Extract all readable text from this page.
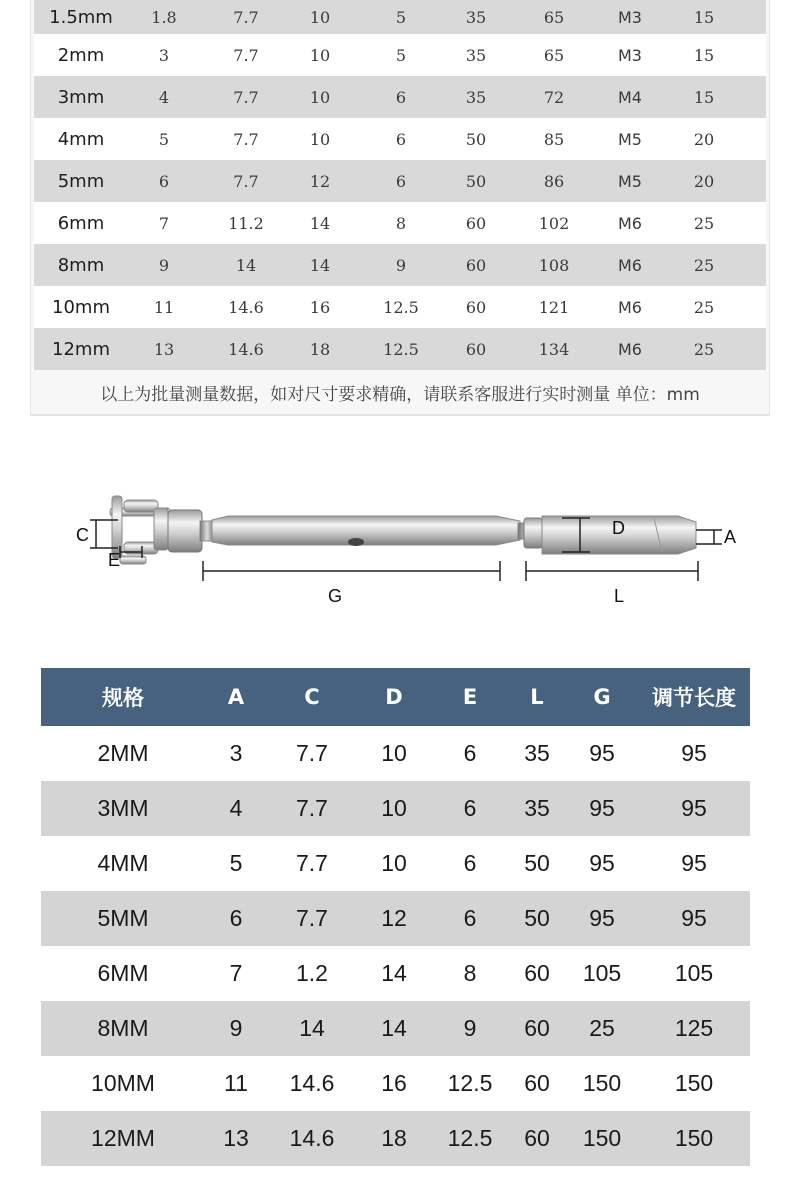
1.5mm	1.8	7.7	10	5	35	65	M3	15
2mm	3	7.7	10	5	35	65	M3	15
3mm	4	7.7	10	6	35	72	M4	15
4mm	5	7.7	10	6	50	85	M5	20
5mm	6	7.7	12	6	50	86	M5	20
6mm	7	11.2	14	8	60	102	M6	25
8mm	9	14	14	9	60	108	M6	25
10mm	11	14.6	16	12.5	60	121	M6	25
12mm	13	14.6	18	12.5	60	134	M6	25
以上为批量测量数据，如对尺寸要求精确，请联系客服进行实时测量 单位：mm
C
E
G
D	A
L
规格	A	C	D	E	L	G	调节长度
2MM	3	7.7	10	6	35	95	95
3MM	4	7.7	10	6	35	95	95
4MM	5	7.7	10	6	50	95	95
5MM	6	7.7	12	6	50	95	95
6MM	7	1.2	14	8	60	105	105
8MM	9	14	14	9	60	25	125
10MM	11	14.6	16	12.5	60	150	150
12MM	13	14.6	18	12.5	60	150	150
